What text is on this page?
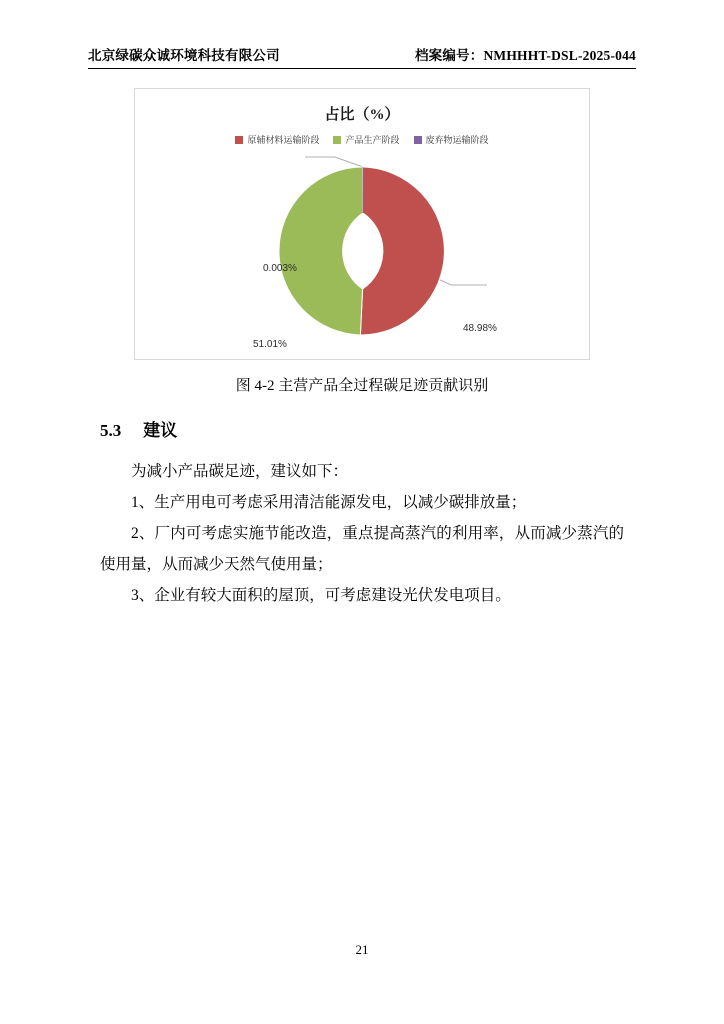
北京绿碳众诚环境科技有限公司	档案编号：NMHHHT-DSL-2025-044
占比（%）
原辅材料运输阶段	产品生产阶段	废弃物运输阶段
0.003%
48.98%
51.01%
图 4-2 主营产品全过程碳足迹贡献识别
5.3 建议

为减小产品碳足迹，建议如下：

1、生产用电可考虑采用清洁能源发电，以减少碳排放量；

2、厂内可考虑实施节能改造，重点提高蒸汽的利用率，从而减少蒸汽的使用量，从而减少天然气使用量；

3、企业有较大面积的屋顶，可考虑建设光伏发电项目。

21
